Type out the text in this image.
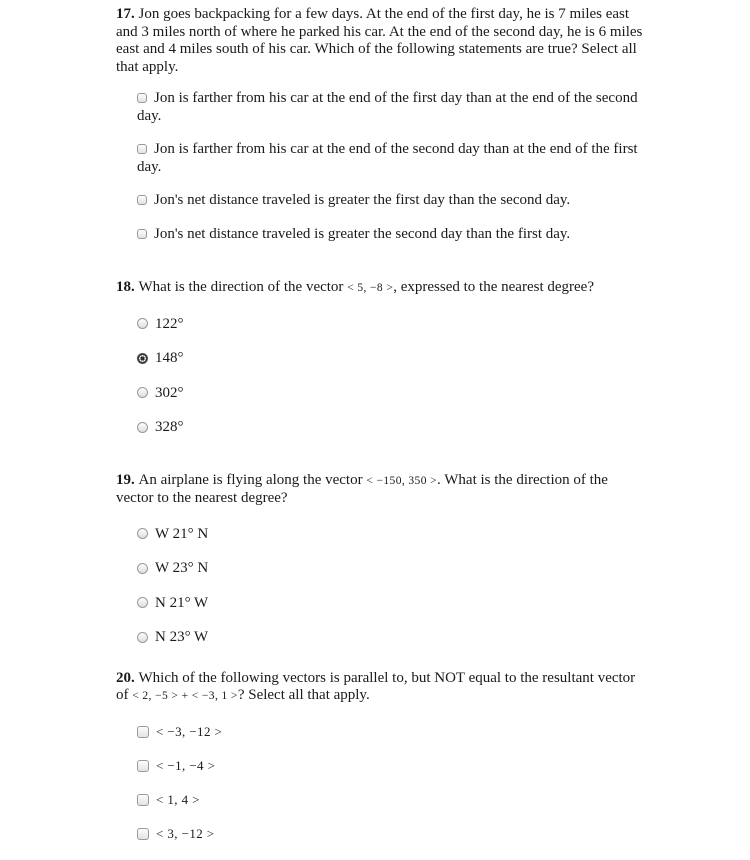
17. Jon goes backpacking for a few days. At the end of the first day, he is 7 miles east and 3 miles north of where he parked his car. At the end of the second day, he is 6 miles east and 4 miles south of his car. Which of the following statements are true? Select all that apply.

Jon is farther from his car at the end of the first day than at the end of the second day.
Jon is farther from his car at the end of the second day than at the end of the first day.
Jon's net distance traveled is greater the first day than the second day.
Jon's net distance traveled is greater the second day than the first day.

18. What is the direction of the vector < 5, −8 >, expressed to the nearest degree?

122°
148°
302°
328°

19. An airplane is flying along the vector < −150, 350 >. What is the direction of the vector to the nearest degree?

W 21° N
W 23° N
N 21° W
N 23° W

20. Which of the following vectors is parallel to, but NOT equal to the resultant vector of < 2, −5 > + < −3, 1 >? Select all that apply.

< −3, −12 >
< −1, −4 >
< 1, 4 >
< 3, −12 >
